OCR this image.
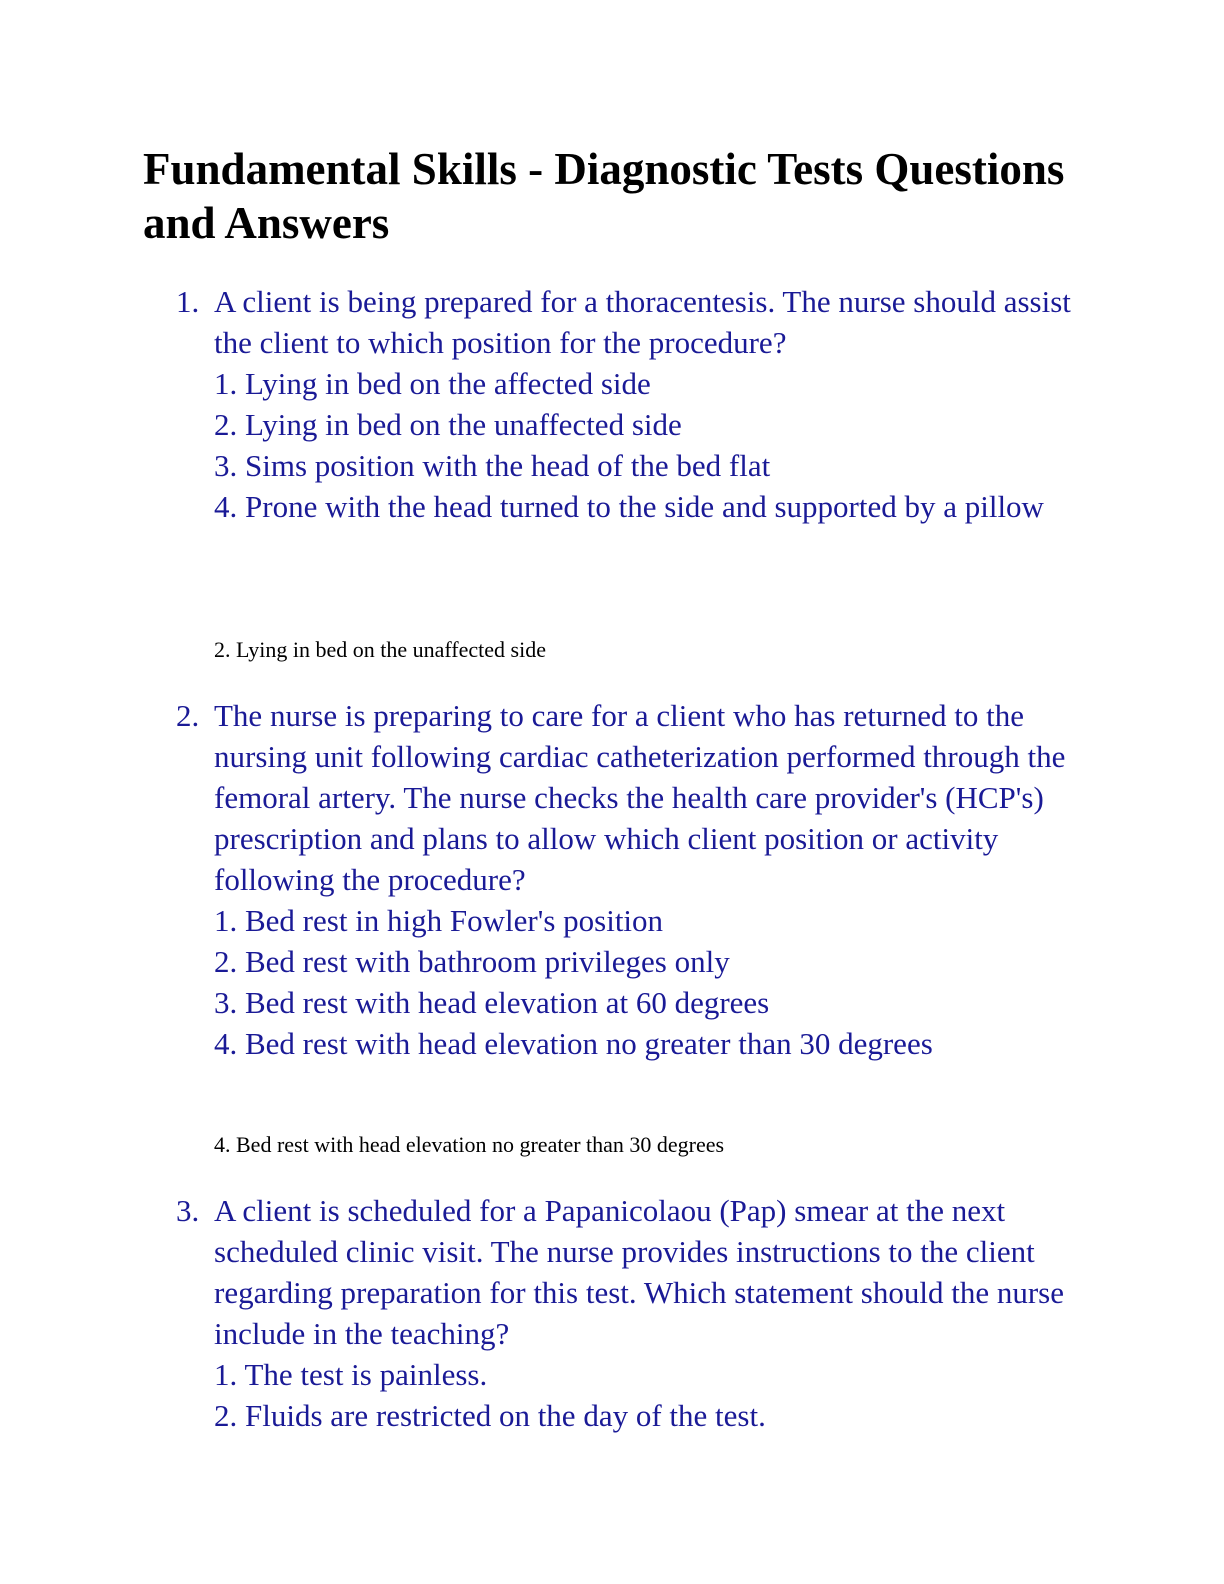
Fundamental Skills - Diagnostic Tests Questions and Answers
1. A client is being prepared for a thoracentesis. The nurse should assist the client to which position for the procedure?
1. Lying in bed on the affected side
2. Lying in bed on the unaffected side
3. Sims position with the head of the bed flat
4. Prone with the head turned to the side and supported by a pillow
2. Lying in bed on the unaffected side
2. The nurse is preparing to care for a client who has returned to the nursing unit following cardiac catheterization performed through the femoral artery. The nurse checks the health care provider's (HCP's) prescription and plans to allow which client position or activity following the procedure?
1. Bed rest in high Fowler's position
2. Bed rest with bathroom privileges only
3. Bed rest with head elevation at 60 degrees
4. Bed rest with head elevation no greater than 30 degrees
4. Bed rest with head elevation no greater than 30 degrees
3. A client is scheduled for a Papanicolaou (Pap) smear at the next scheduled clinic visit. The nurse provides instructions to the client regarding preparation for this test. Which statement should the nurse include in the teaching?
1. The test is painless.
2. Fluids are restricted on the day of the test.
